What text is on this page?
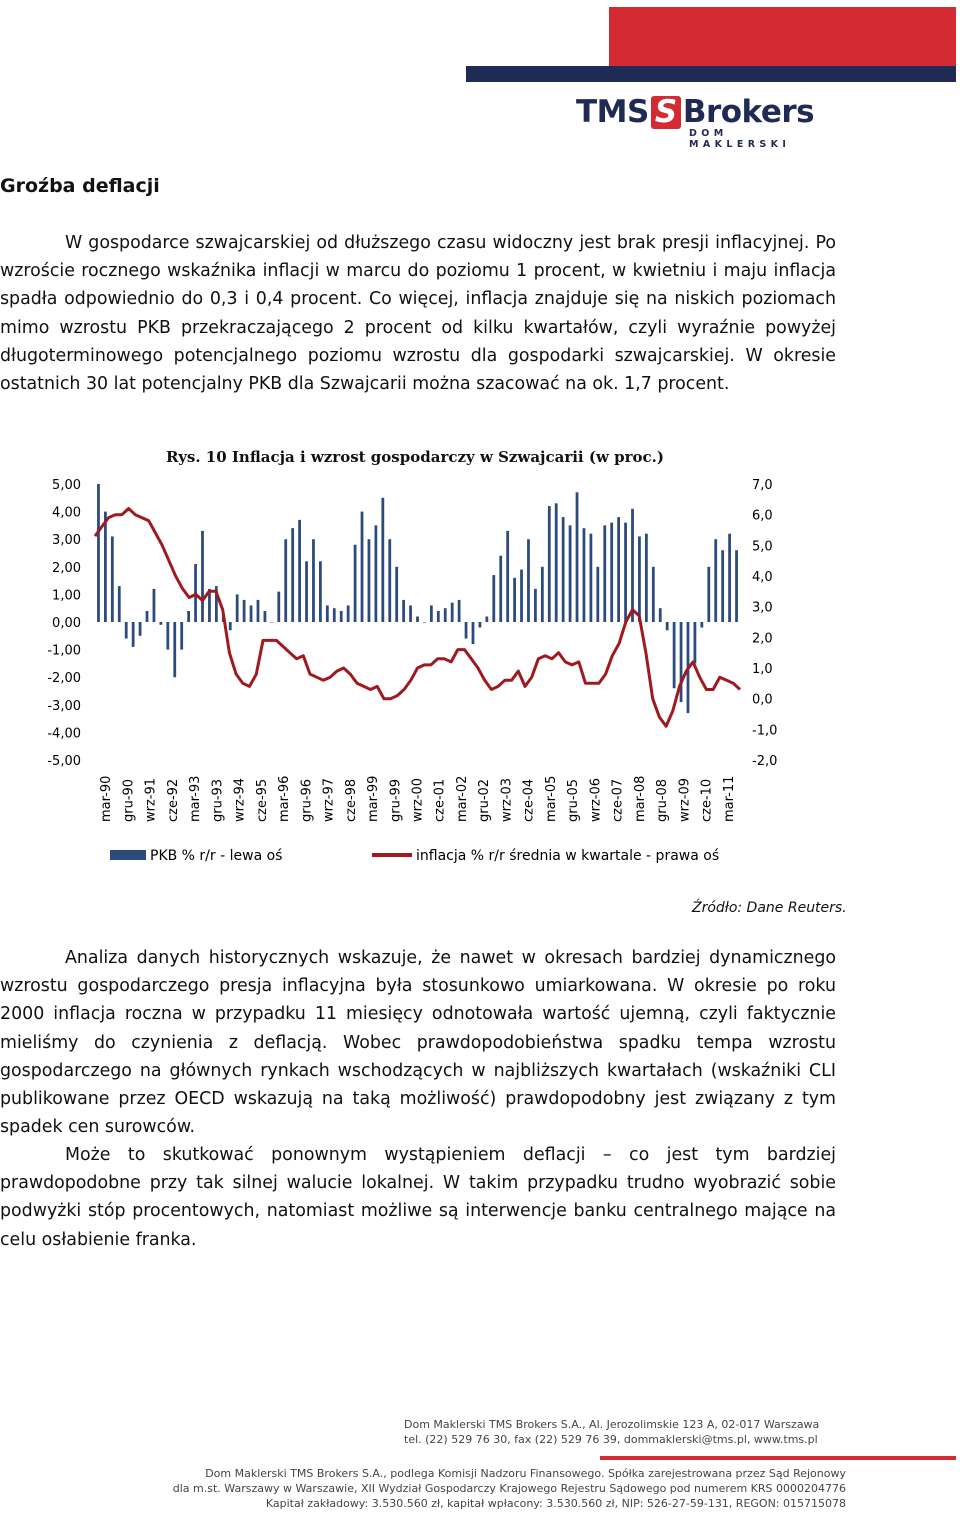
TMS S Brokers
DOM MAKLERSKI
Groźba deflacji

W gospodarce szwajcarskiej od dłuższego czasu widoczny jest brak presji inflacyjnej. Po wzroście rocznego wskaźnika inflacji w marcu do poziomu 1 procent, w kwietniu i maju inflacja spadła odpowiednio do 0,3 i 0,4 procent. Co więcej, inflacja znajduje się na niskich poziomach mimo wzrostu PKB przekraczającego 2 procent od kilku kwartałów, czyli wyraźnie powyżej długoterminowego potencjalnego poziomu wzrostu dla gospodarki szwajcarskiej. W okresie ostatnich 30 lat potencjalny PKB dla Szwajcarii można szacować na ok. 1,7 procent.

Rys. 10 Inflacja i wzrost gospodarczy w Szwajcarii (w proc.)
5,00
4,00
3,00
2,00
1,00
0,00
-1,00
-2,00
-3,00
-4,00
-5,00
7,0
6,0
5,0
4,0
3,0
2,0
1,0
0,0
-1,0
-2,0
mar-90 gru-90 wrz-91 cze-92 mar-93 gru-93 wrz-94 cze-95 mar-96 gru-96 wrz-97 cze-98 mar-99 gru-99 wrz-00 cze-01 mar-02 gru-02 wrz-03 cze-04 mar-05 gru-05 wrz-06 cze-07 mar-08 gru-08 wrz-09 cze-10 mar-11
PKB % r/r - lewa oś	inflacja % r/r średnia w kwartale - prawa oś
Źródło: Dane Reuters.

Analiza danych historycznych wskazuje, że nawet w okresach bardziej dynamicznego wzrostu gospodarczego presja inflacyjna była stosunkowo umiarkowana. W okresie po roku 2000 inflacja roczna w przypadku 11 miesięcy odnotowała wartość ujemną, czyli faktycznie mieliśmy do czynienia z deflacją. Wobec prawdopodobieństwa spadku tempa wzrostu gospodarczego na głównych rynkach wschodzących w najbliższych kwartałach (wskaźniki CLI publikowane przez OECD wskazują na taką możliwość) prawdopodobny jest związany z tym spadek cen surowców.

Może to skutkować ponownym wystąpieniem deflacji – co jest tym bardziej prawdopodobne przy tak silnej walucie lokalnej. W takim przypadku trudno wyobrazić sobie podwyżki stóp procentowych, natomiast możliwe są interwencje banku centralnego mające na celu osłabienie franka.

Dom Maklerski TMS Brokers S.A., Al. Jerozolimskie 123 A, 02-017 Warszawa
tel. (22) 529 76 30, fax (22) 529 76 39, dommaklerski@tms.pl, www.tms.pl
Dom Maklerski TMS Brokers S.A., podlega Komisji Nadzoru Finansowego. Spółka zarejestrowana przez Sąd Rejonowy
dla m.st. Warszawy w Warszawie, XII Wydział Gospodarczy Krajowego Rejestru Sądowego pod numerem KRS 0000204776
Kapitał zakładowy: 3.530.560 zł, kapitał wpłacony: 3.530.560 zł, NIP: 526-27-59-131, REGON: 015715078
